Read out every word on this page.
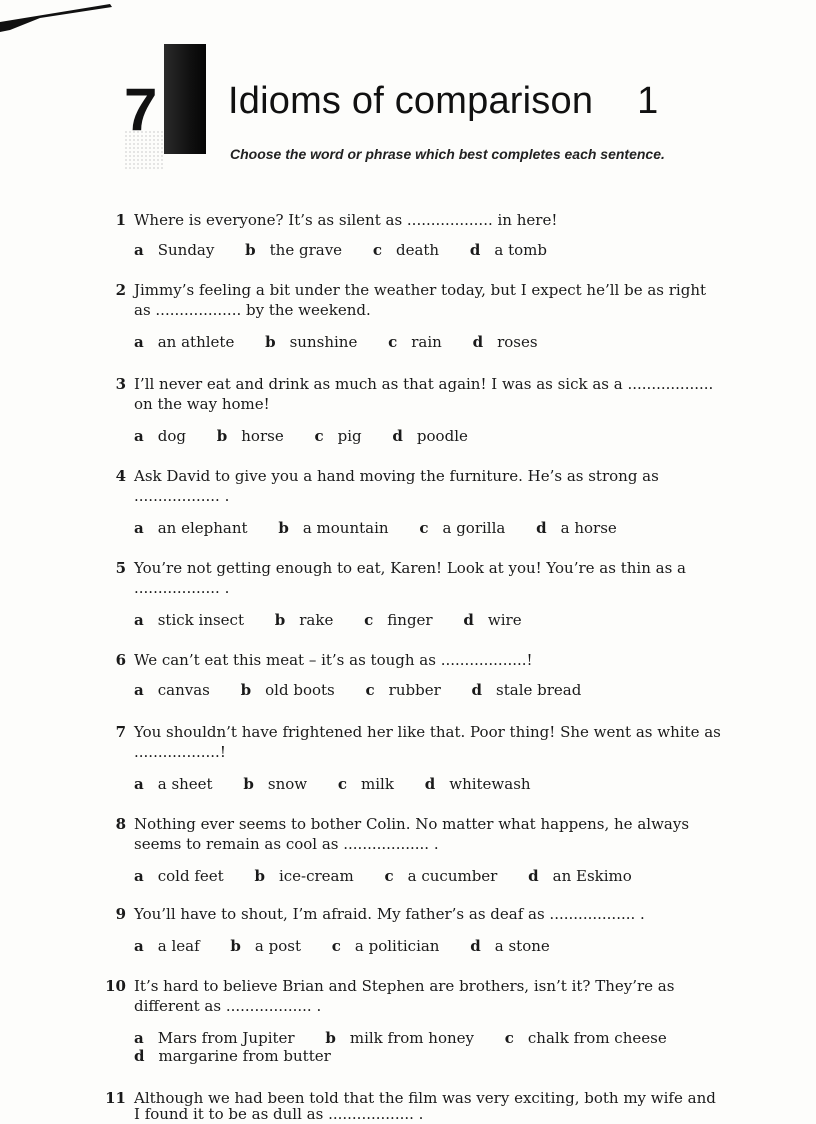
7 Idioms of comparison 1
Choose the word or phrase which best completes each sentence.
1 Where is everyone? It’s as silent as .................. in here!
a Sunday b the grave c death d a tomb
2 Jimmy’s feeling a bit under the weather today, but I expect he’ll be as right
as .................. by the weekend.
a an athlete b sunshine c rain d roses
3 I’ll never eat and drink as much as that again! I was as sick as a ..................
on the way home!
a dog b horse c pig d poodle
4 Ask David to give you a hand moving the furniture. He’s as strong as
.................. .
a an elephant b a mountain c a gorilla d a horse
5 You’re not getting enough to eat, Karen! Look at you! You’re as thin as a
.................. .
a stick insect b rake c finger d wire
6 We can’t eat this meat – it’s as tough as ..................!
a canvas b old boots c rubber d stale bread
7 You shouldn’t have frightened her like that. Poor thing! She went as white as
..................!
a a sheet b snow c milk d whitewash
8 Nothing ever seems to bother Colin. No matter what happens, he always
seems to remain as cool as .................. .
a cold feet b ice-cream c a cucumber d an Eskimo
9 You’ll have to shout, I’m afraid. My father’s as deaf as .................. .
a a leaf b a post c a politician d a stone
10 It’s hard to believe Brian and Stephen are brothers, isn’t it? They’re as
different as .................. .
a Mars from Jupiter b milk from honey c chalk from cheese
d margarine from butter
11 Although we had been told that the film was very exciting, both my wife and
I found it to be as dull as .................. .
